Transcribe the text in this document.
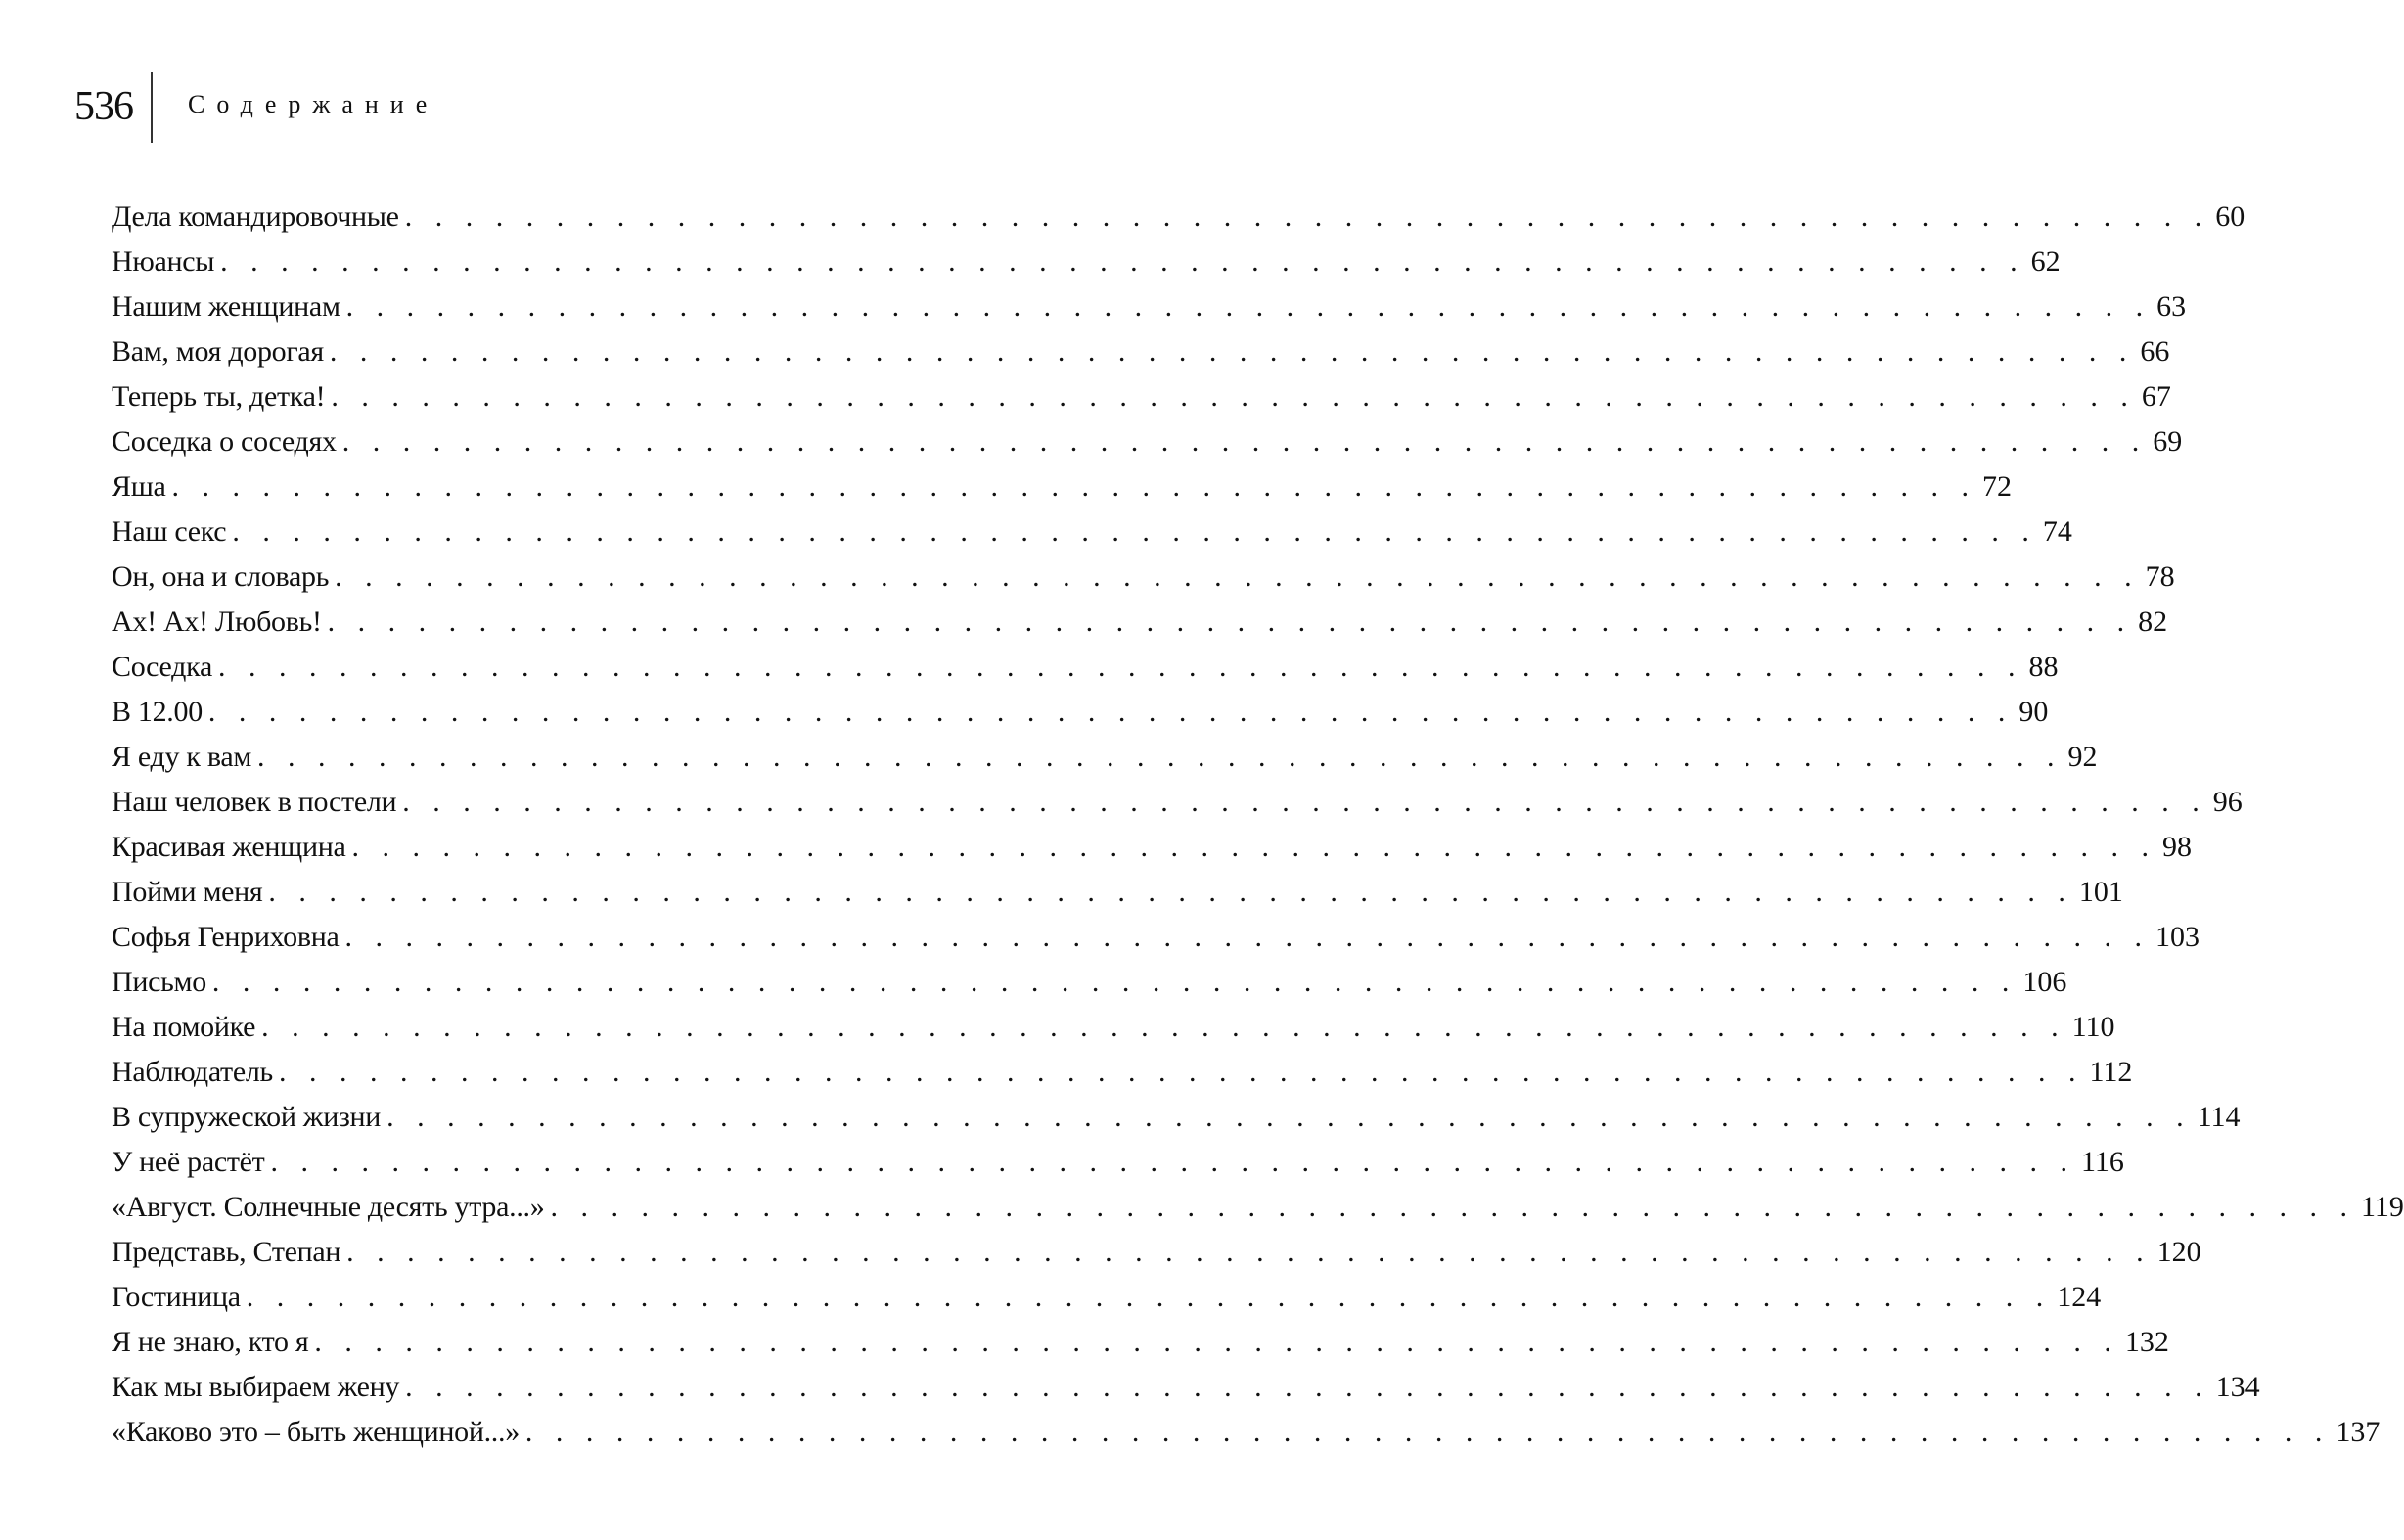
536 Содержание
Дела командировочные . . . . . . . . . . . . . . . . . . . . . . . . . . . . . . . . . . . . . . . . . . . . . . . . . . . . . . . . . . . . 60
Нюансы . . . . . . . . . . . . . . . . . . . . . . . . . . . . . . . . . . . . . . . . . . . . . . . . . . . . . . . . . . . . 62
Нашим женщинам . . . . . . . . . . . . . . . . . . . . . . . . . . . . . . . . . . . . . . . . . . . . . . . . . . . . . . . . . . . . 63
Вам, моя дорогая . . . . . . . . . . . . . . . . . . . . . . . . . . . . . . . . . . . . . . . . . . . . . . . . . . . . . . . . . . . . 66
Теперь ты, детка! . . . . . . . . . . . . . . . . . . . . . . . . . . . . . . . . . . . . . . . . . . . . . . . . . . . . . . . . . . . . 67
Соседка о соседях . . . . . . . . . . . . . . . . . . . . . . . . . . . . . . . . . . . . . . . . . . . . . . . . . . . . . . . . . . . . 69
Яша . . . . . . . . . . . . . . . . . . . . . . . . . . . . . . . . . . . . . . . . . . . . . . . . . . . . . . . . . . . . 72
Наш секс . . . . . . . . . . . . . . . . . . . . . . . . . . . . . . . . . . . . . . . . . . . . . . . . . . . . . . . . . . . . 74
Он, она и словарь . . . . . . . . . . . . . . . . . . . . . . . . . . . . . . . . . . . . . . . . . . . . . . . . . . . . . . . . . . . . 78
Ах! Ах! Любовь! . . . . . . . . . . . . . . . . . . . . . . . . . . . . . . . . . . . . . . . . . . . . . . . . . . . . . . . . . . . . 82
Соседка . . . . . . . . . . . . . . . . . . . . . . . . . . . . . . . . . . . . . . . . . . . . . . . . . . . . . . . . . . . . 88
В 12.00 . . . . . . . . . . . . . . . . . . . . . . . . . . . . . . . . . . . . . . . . . . . . . . . . . . . . . . . . . . . . 90
Я еду к вам . . . . . . . . . . . . . . . . . . . . . . . . . . . . . . . . . . . . . . . . . . . . . . . . . . . . . . . . . . . . 92
Наш человек в постели . . . . . . . . . . . . . . . . . . . . . . . . . . . . . . . . . . . . . . . . . . . . . . . . . . . . . . . . . . . . 96
Красивая женщина . . . . . . . . . . . . . . . . . . . . . . . . . . . . . . . . . . . . . . . . . . . . . . . . . . . . . . . . . . . . 98
Пойми меня . . . . . . . . . . . . . . . . . . . . . . . . . . . . . . . . . . . . . . . . . . . . . . . . . . . . . . . . . . . . 101
Софья Генриховна . . . . . . . . . . . . . . . . . . . . . . . . . . . . . . . . . . . . . . . . . . . . . . . . . . . . . . . . . . . . 103
Письмо . . . . . . . . . . . . . . . . . . . . . . . . . . . . . . . . . . . . . . . . . . . . . . . . . . . . . . . . . . . . 106
На помойке . . . . . . . . . . . . . . . . . . . . . . . . . . . . . . . . . . . . . . . . . . . . . . . . . . . . . . . . . . . . 110
Наблюдатель . . . . . . . . . . . . . . . . . . . . . . . . . . . . . . . . . . . . . . . . . . . . . . . . . . . . . . . . . . . . 112
В супружеской жизни . . . . . . . . . . . . . . . . . . . . . . . . . . . . . . . . . . . . . . . . . . . . . . . . . . . . . . . . . . . . 114
У неё растёт . . . . . . . . . . . . . . . . . . . . . . . . . . . . . . . . . . . . . . . . . . . . . . . . . . . . . . . . . . . . 116
«Август. Солнечные десять утра...» . . . . . . . . . . . . . . . . . . . . . . . . . . . . . . . . . . . . . . . . . . . . . . . . . . . . . . . . . . . . 119
Представь, Степан . . . . . . . . . . . . . . . . . . . . . . . . . . . . . . . . . . . . . . . . . . . . . . . . . . . . . . . . . . . . 120
Гостиница . . . . . . . . . . . . . . . . . . . . . . . . . . . . . . . . . . . . . . . . . . . . . . . . . . . . . . . . . . . . 124
Я не знаю, кто я . . . . . . . . . . . . . . . . . . . . . . . . . . . . . . . . . . . . . . . . . . . . . . . . . . . . . . . . . . . . 132
Как мы выбираем жену . . . . . . . . . . . . . . . . . . . . . . . . . . . . . . . . . . . . . . . . . . . . . . . . . . . . . . . . . . . . 134
«Каково это – быть женщиной...» . . . . . . . . . . . . . . . . . . . . . . . . . . . . . . . . . . . . . . . . . . . . . . . . . . . . . . . . . . . . 137
